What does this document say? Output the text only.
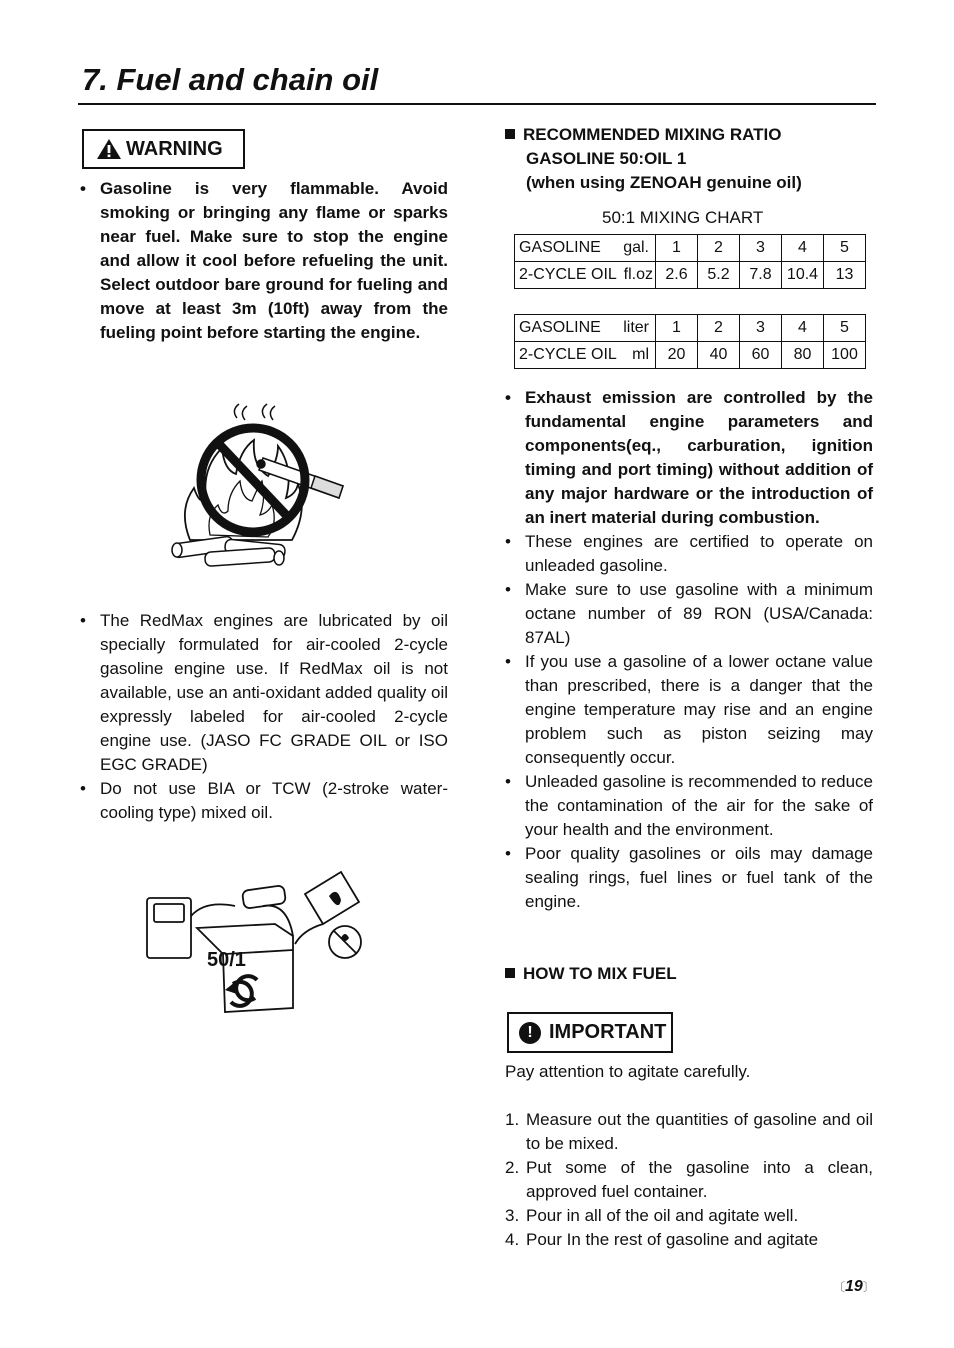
7. Fuel and chain oil
WARNING
• Gasoline is very flammable. Avoid smoking or bringing any flame or sparks near fuel. Make sure to stop the engine and allow it cool before refueling the unit. Select outdoor bare ground for fueling and move at least 3m (10ft) away from the fueling point before starting the engine.
• The RedMax engines are lubricated by oil specially formulated for air-cooled 2-cycle gasoline engine use. If RedMax oil is not available, use an anti-oxidant added quality oil expressly labeled for air-cooled 2-cycle engine use. (JASO FC GRADE OIL or ISO EGC GRADE)
• Do not use BIA or TCW (2-stroke water-cooling type) mixed oil.
50/1
RECOMMENDED MIXING RATIO
GASOLINE 50:OIL 1
(when using ZENOAH genuine oil)
50:1 MIXING CHART
GASOLINE gal.	1	2	3	4	5
2-CYCLE OIL fl.oz	2.6	5.2	7.8	10.4	13
GASOLINE liter	1	2	3	4	5
2-CYCLE OIL ml	20	40	60	80	100
• Exhaust emission are controlled by the fundamental engine parameters and components(eq., carburation, ignition timing and port timing) without addition of any major hardware or the introduction of an inert material during combustion.
• These engines are certified to operate on unleaded gasoline.
• Make sure to use gasoline with a minimum octane number of 89 RON (USA/Canada: 87AL)
• If you use a gasoline of a lower octane value than prescribed, there is a danger that the engine temperature may rise and an engine problem such as piston seizing may consequently occur.
• Unleaded gasoline is recommended to reduce the contamination of the air for the sake of your health and the environment.
• Poor quality gasolines or oils may damage sealing rings, fuel lines or fuel tank of the engine.
HOW TO MIX FUEL
! IMPORTANT
Pay attention to agitate carefully.
1. Measure out the quantities of gasoline and oil to be mixed.
2. Put some of the gasoline into a clean, approved fuel container.
3. Pour in all of the oil and agitate well.
4. Pour In the rest of gasoline and agitate
〔19〕
